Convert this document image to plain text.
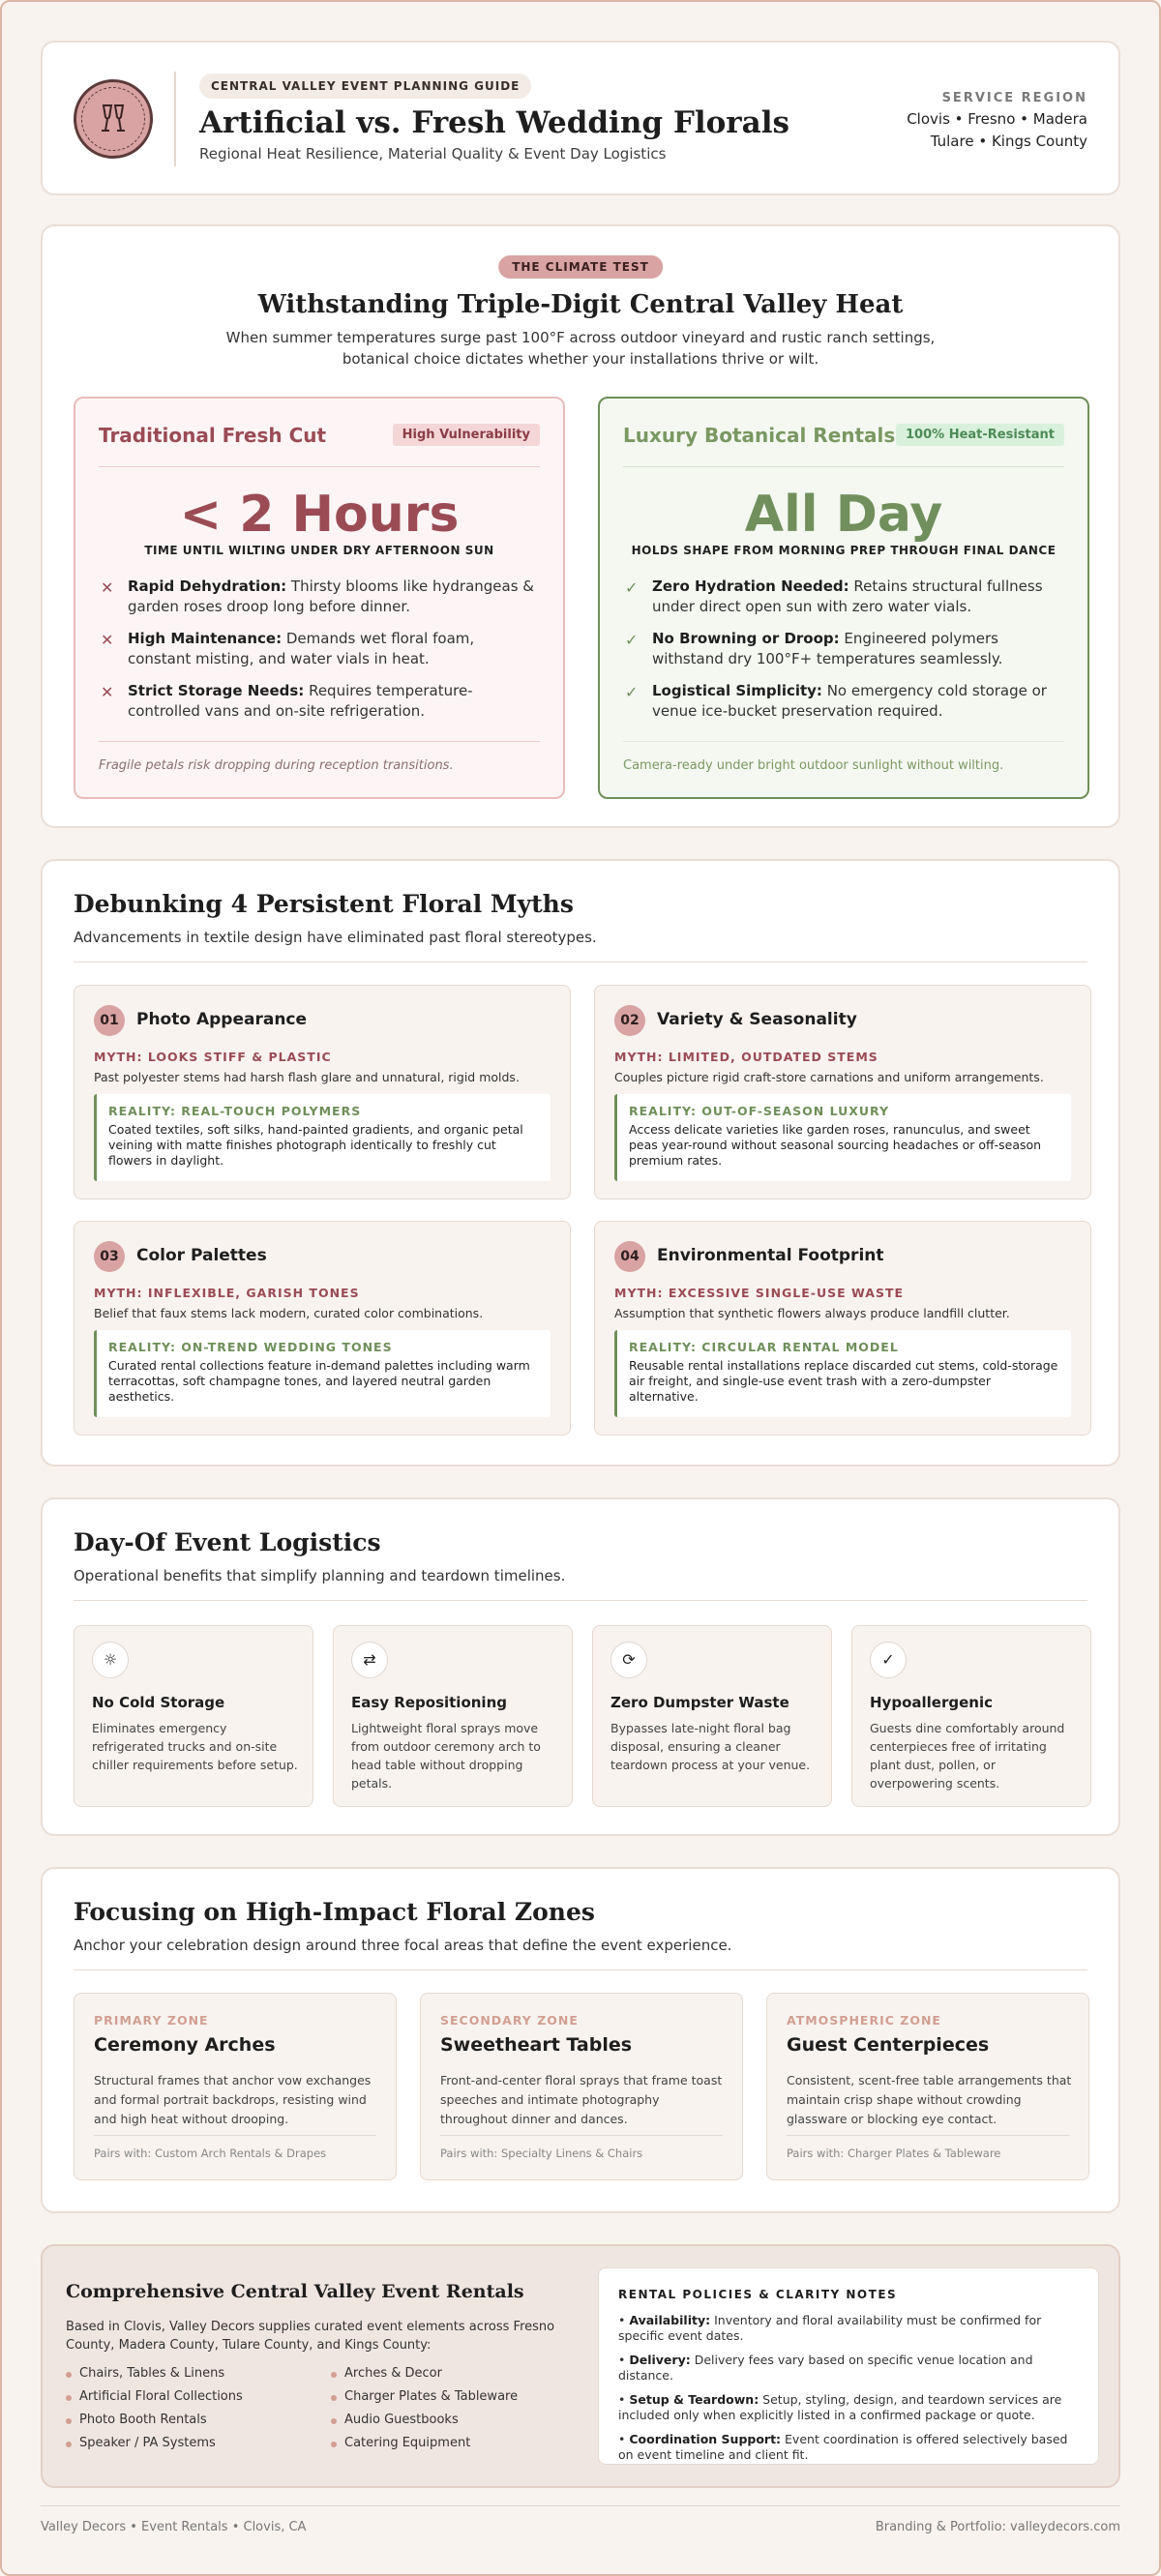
CENTRAL VALLEY EVENT PLANNING GUIDE
Artificial vs. Fresh Wedding Florals
Regional Heat Resilience, Material Quality & Event Day Logistics
SERVICE REGION
Clovis • Fresno • Madera
Tulare • Kings County
THE CLIMATE TEST
Withstanding Triple-Digit Central Valley Heat
When summer temperatures surge past 100°F across outdoor vineyard and rustic ranch settings, botanical choice dictates whether your installations thrive or wilt.
Traditional Fresh Cut	High Vulnerability
< 2 Hours
TIME UNTIL WILTING UNDER DRY AFTERNOON SUN
✕ Rapid Dehydration: Thirsty blooms like hydrangeas & garden roses droop long before dinner.
✕ High Maintenance: Demands wet floral foam, constant misting, and water vials in heat.
✕ Strict Storage Needs: Requires temperature-controlled vans and on-site refrigeration.
Fragile petals risk dropping during reception transitions.
Luxury Botanical Rentals 100% Heat-Resistant
All Day
HOLDS SHAPE FROM MORNING PREP THROUGH FINAL DANCE
✓ Zero Hydration Needed: Retains structural fullness under direct open sun with zero water vials.
✓ No Browning or Droop: Engineered polymers withstand dry 100°F+ temperatures seamlessly.
✓ Logistical Simplicity: No emergency cold storage or venue ice-bucket preservation required.
Camera-ready under bright outdoor sunlight without wilting.
Debunking 4 Persistent Floral Myths
Advancements in textile design have eliminated past floral stereotypes.
01	Photo Appearance
MYTH: LOOKS STIFF & PLASTIC
Past polyester stems had harsh flash glare and unnatural, rigid molds.
REALITY: REAL-TOUCH POLYMERS
Coated textiles, soft silks, hand-painted gradients, and organic petal veining with matte finishes photograph identically to freshly cut flowers in daylight.
02	Variety & Seasonality
MYTH: LIMITED, OUTDATED STEMS
Couples picture rigid craft-store carnations and uniform arrangements.
REALITY: OUT-OF-SEASON LUXURY
Access delicate varieties like garden roses, ranunculus, and sweet peas year-round without seasonal sourcing headaches or off-season premium rates.
03	Color Palettes
MYTH: INFLEXIBLE, GARISH TONES
Belief that faux stems lack modern, curated color combinations.
REALITY: ON-TREND WEDDING TONES
Curated rental collections feature in-demand palettes including warm terracottas, soft champagne tones, and layered neutral garden aesthetics.
04	Environmental Footprint
MYTH: EXCESSIVE SINGLE-USE WASTE
Assumption that synthetic flowers always produce landfill clutter.
REALITY: CIRCULAR RENTAL MODEL
Reusable rental installations replace discarded cut stems, cold-storage air freight, and single-use event trash with a zero-dumpster alternative.
Day-Of Event Logistics
Operational benefits that simplify planning and teardown timelines.
☼
No Cold Storage
Eliminates emergency refrigerated trucks and on-site chiller requirements before setup.
⇄
Easy Repositioning
Lightweight floral sprays move from outdoor ceremony arch to head table without dropping petals.
⟳
Zero Dumpster Waste
Bypasses late-night floral bag disposal, ensuring a cleaner teardown process at your venue.
✓
Hypoallergenic
Guests dine comfortably around centerpieces free of irritating plant dust, pollen, or overpowering scents.
Focusing on High-Impact Floral Zones
Anchor your celebration design around three focal areas that define the event experience.
PRIMARY ZONE
Ceremony Arches
Structural frames that anchor vow exchanges and formal portrait backdrops, resisting wind and high heat without drooping.
Pairs with: Custom Arch Rentals & Drapes
SECONDARY ZONE
Sweetheart Tables
Front-and-center floral sprays that frame toast speeches and intimate photography throughout dinner and dances.
Pairs with: Specialty Linens & Chairs
ATMOSPHERIC ZONE
Guest Centerpieces
Consistent, scent-free table arrangements that maintain crisp shape without crowding glassware or blocking eye contact.
Pairs with: Charger Plates & Tableware
Comprehensive Central Valley Event Rentals
Based in Clovis, Valley Decors supplies curated event elements across Fresno County, Madera County, Tulare County, and Kings County:
Chairs, Tables & Linens
Artificial Floral Collections
Photo Booth Rentals
Speaker / PA Systems
Arches & Decor
Charger Plates & Tableware
Audio Guestbooks
Catering Equipment
RENTAL POLICIES & CLARITY NOTES
• Availability: Inventory and floral availability must be confirmed for specific event dates.
• Delivery: Delivery fees vary based on specific venue location and distance.
• Setup & Teardown: Setup, styling, design, and teardown services are included only when explicitly listed in a confirmed package or quote.
• Coordination Support: Event coordination is offered selectively based on event timeline and client fit.
Valley Decors • Event Rentals • Clovis, CA	Branding & Portfolio: valleydecors.com
